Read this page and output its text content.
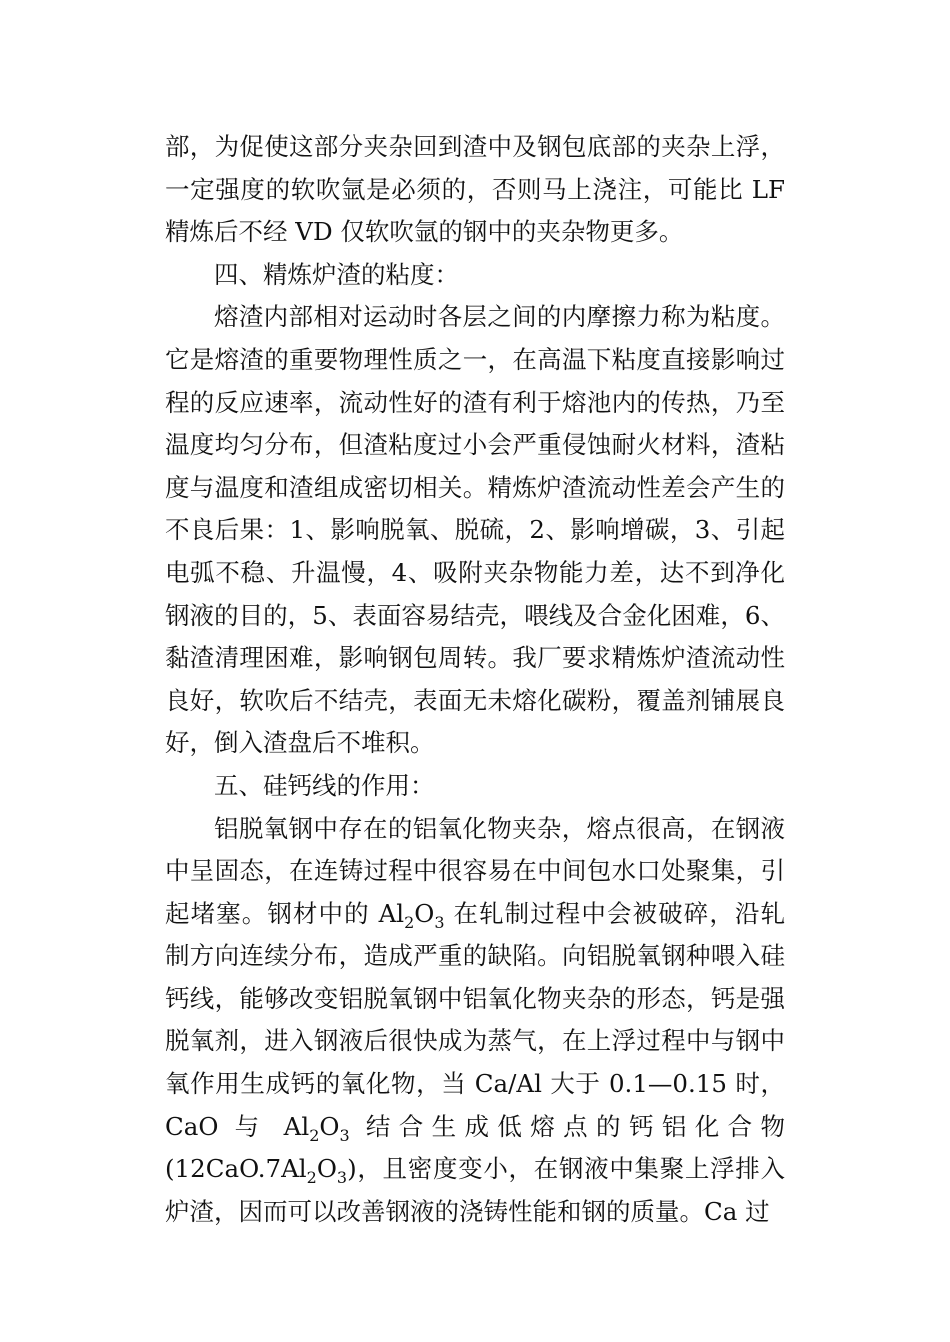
部，为促使这部分夹杂回到渣中及钢包底部的夹杂上浮，一定强度的软吹氩是必须的，否则马上浇注，可能比 LF 精炼后不经 VD 仅软吹氩的钢中的夹杂物更多。

四、精炼炉渣的粘度：

熔渣内部相对运动时各层之间的内摩擦力称为粘度。它是熔渣的重要物理性质之一，在高温下粘度直接影响过程的反应速率，流动性好的渣有利于熔池内的传热，乃至温度均匀分布，但渣粘度过小会严重侵蚀耐火材料，渣粘度与温度和渣组成密切相关。精炼炉渣流动性差会产生的不良后果：1、影响脱氧、脱硫，2、影响增碳，3、引起电弧不稳、升温慢，4、吸附夹杂物能力差，达不到净化钢液的目的，5、表面容易结壳，喂线及合金化困难，6、黏渣清理困难，影响钢包周转。我厂要求精炼炉渣流动性良好，软吹后不结壳，表面无未熔化碳粉，覆盖剂铺展良好，倒入渣盘后不堆积。

五、硅钙线的作用：

铝脱氧钢中存在的铝氧化物夹杂，熔点很高，在钢液中呈固态，在连铸过程中很容易在中间包水口处聚集，引起堵塞。钢材中的 $Al_2O_3$ 在轧制过程中会被破碎，沿轧制方向连续分布，造成严重的缺陷。向铝脱氧钢种喂入硅钙线，能够改变铝脱氧钢中铝氧化物夹杂的形态，钙是强脱氧剂，进入钢液后很快成为蒸气，在上浮过程中与钢中氧作用生成钙的氧化物，当 Ca/Al 大于 0.1—0.15 时，CaO 与 $Al_2O_3$ 结合生成低熔点的钙铝化合物$(12CaO.7Al_2O_3)$，且密度变小，在钢液中集聚上浮排入炉渣，因而可以改善钢液的浇铸性能和钢的质量。Ca 过
